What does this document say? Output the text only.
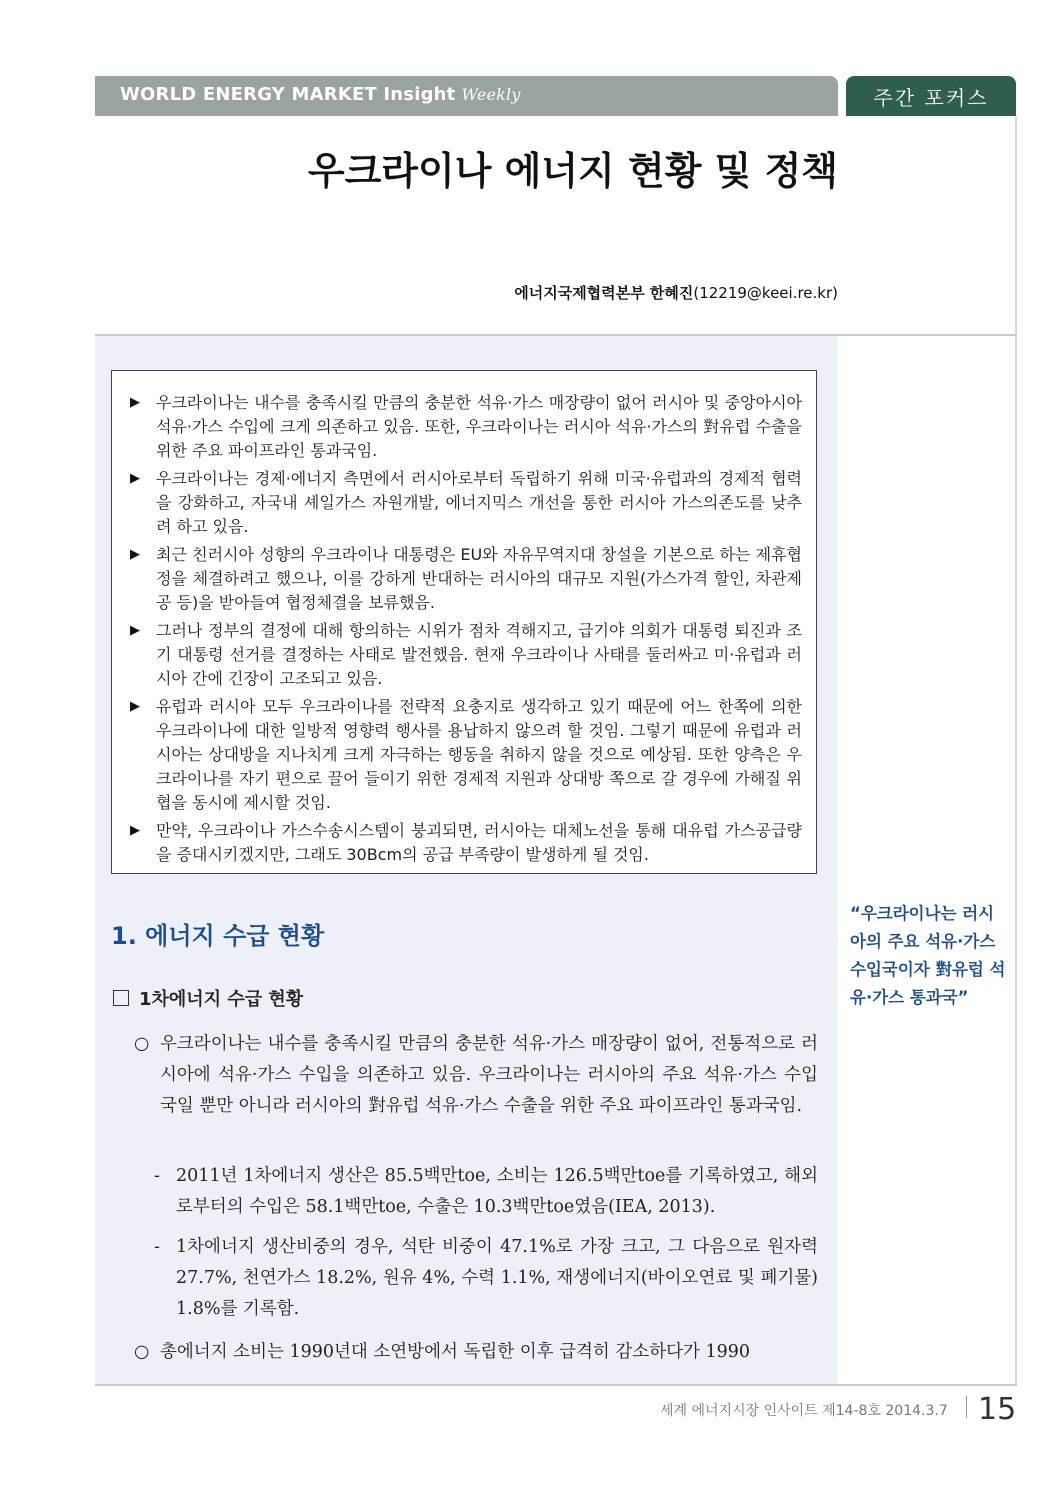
WORLD ENERGY MARKET Insight Weekly	주간 포커스
우크라이나 에너지 현황 및 정책
에너지국제협력본부 한혜진(12219@keei.re.kr)
▶	우크라이나는 내수를 충족시킬 만큼의 충분한 석유·가스 매장량이 없어 러시아 및 중앙아시아 석유·가스 수입에 크게 의존하고 있음. 또한, 우크라이나는 러시아 석유·가스의 對유럽 수출을 위한 주요 파이프라인 통과국임.
▶	우크라이나는 경제·에너지 측면에서 러시아로부터 독립하기 위해 미국·유럽과의 경제적 협력을 강화하고, 자국내 셰일가스 자원개발, 에너지믹스 개선을 통한 러시아 가스의존도를 낮추려 하고 있음.
▶	최근 친러시아 성향의 우크라이나 대통령은 EU와 자유무역지대 창설을 기본으로 하는 제휴협정을 체결하려고 했으나, 이를 강하게 반대하는 러시아의 대규모 지원(가스가격 할인, 차관제공 등)을 받아들여 협정체결을 보류했음.
▶	그러나 정부의 결정에 대해 항의하는 시위가 점차 격해지고, 급기야 의회가 대통령 퇴진과 조기 대통령 선거를 결정하는 사태로 발전했음. 현재 우크라이나 사태를 둘러싸고 미·유럽과 러시아 간에 긴장이 고조되고 있음.
▶	유럽과 러시아 모두 우크라이나를 전략적 요충지로 생각하고 있기 때문에 어느 한쪽에 의한 우크라이나에 대한 일방적 영향력 행사를 용납하지 않으려 할 것임. 그렇기 때문에 유럽과 러시아는 상대방을 지나치게 크게 자극하는 행동을 취하지 않을 것으로 예상됨. 또한 양측은 우크라이나를 자기 편으로 끌어 들이기 위한 경제적 지원과 상대방 쪽으로 갈 경우에 가해질 위협을 동시에 제시할 것임.
▶	만약, 우크라이나 가스수송시스템이 붕괴되면, 러시아는 대체노선을 통해 대유럽 가스공급량을 증대시키겠지만, 그래도 30Bcm의 공급 부족량이 발생하게 될 것임.
1. 에너지 수급 현황
1차에너지 수급 현황
○ 우크라이나는 내수를 충족시킬 만큼의 충분한 석유·가스 매장량이 없어, 전통적으로 러시아에 석유·가스 수입을 의존하고 있음. 우크라이나는 러시아의 주요 석유·가스 수입국일 뿐만 아니라 러시아의 對유럽 석유·가스 수출을 위한 주요 파이프라인 통과국임.
- 2011년 1차에너지 생산은 85.5백만toe, 소비는 126.5백만toe를 기록하였고, 해외로부터의 수입은 58.1백만toe, 수출은 10.3백만toe였음(IEA, 2013).
- 1차에너지 생산비중의 경우, 석탄 비중이 47.1%로 가장 크고, 그 다음으로 원자력 27.7%, 천연가스 18.2%, 원유 4%, 수력 1.1%, 재생에너지(바이오연료 및 폐기물) 1.8%를 기록함.
○ 총에너지 소비는 1990년대 소연방에서 독립한 이후 급격히 감소하다가 1990
“우크라이나는 러시아의 주요 석유·가스 수입국이자 對유럽 석유·가스 통과국”
세계 에너지시장 인사이트 제14-8호 2014.3.7 15
